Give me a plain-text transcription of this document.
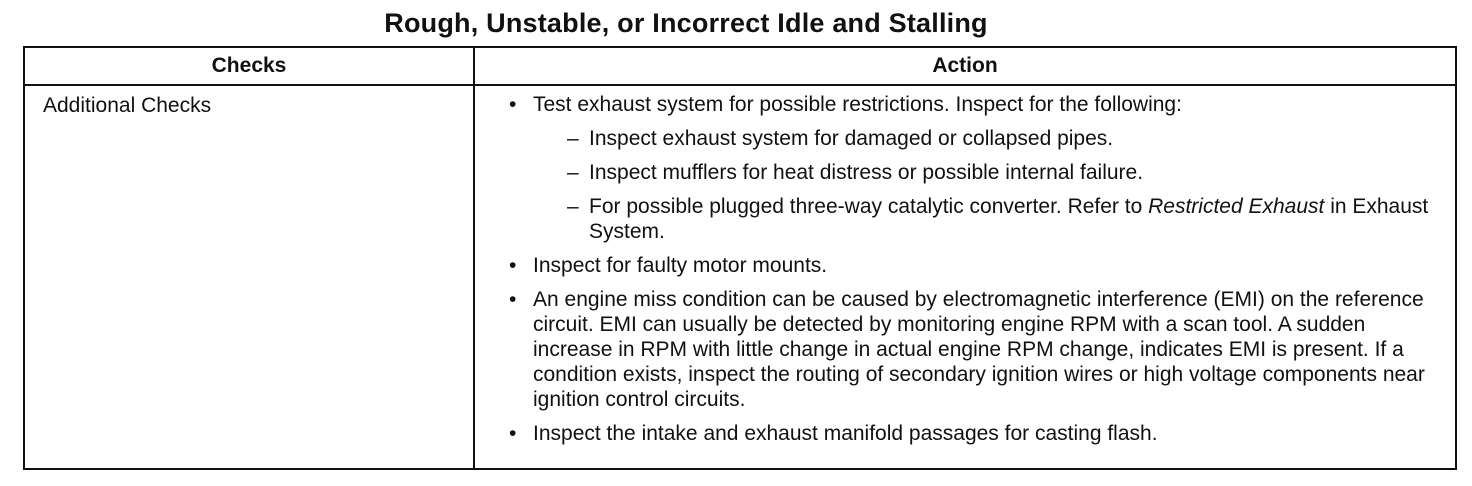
Rough, Unstable, or Incorrect Idle and Stalling
Checks	Action
Additional Checks	• Test exhaust system for possible restrictions. Inspect for the following:
– Inspect exhaust system for damaged or collapsed pipes.
– Inspect mufflers for heat distress or possible internal failure.
– For possible plugged three-way catalytic converter. Refer to Restricted Exhaust in Exhaust System.
• Inspect for faulty motor mounts.
• An engine miss condition can be caused by electromagnetic interference (EMI) on the reference circuit. EMI can usually be detected by monitoring engine RPM with a scan tool. A sudden increase in RPM with little change in actual engine RPM change, indicates EMI is present. If a condition exists, inspect the routing of secondary ignition wires or high voltage components near ignition control circuits.
• Inspect the intake and exhaust manifold passages for casting flash.
